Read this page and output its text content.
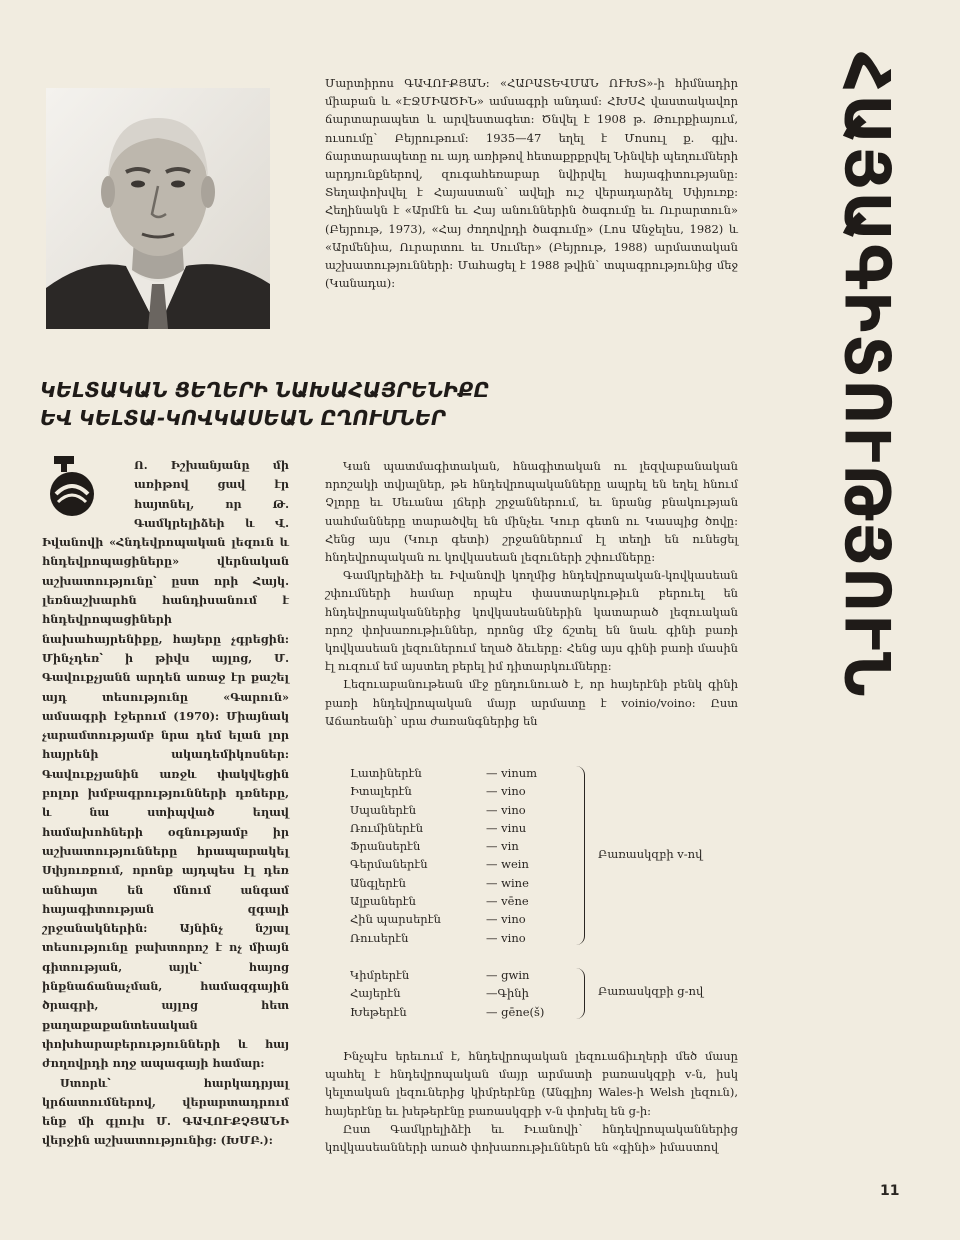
Մարտիրոս ԳԱՎՈՒՔՅԱՆ: «ՀԱՐԱՏԵՎՄԱՆ ՈՒԽՏ»-ի հիմնադիր միաբան և «ԷՋՄԻԱԾԻՆ» ամսագրի անդամ: ՀԽՍՀ վաստակավոր ճարտարապետ և արվեստագետ: Ծնվել է 1908 թ. Թուրքիայում, ուսումը՝ Բեյրութում: 1935—47 եղել է Մոսուլ ք. գլխ. ճարտարապետը ու այդ առիթով հետաքրքրվել Նինվեի պեղումների արդյունքներով, զուգահեռաբար նվիրվել հայագիտությանը: Տեղափոխվել է Հայաստան՝ ավելի ուշ վերադարձել Սփյուռք: Հեղինակն է «Արմէն եւ Հայ անուններին ծագումը եւ Ուրարտուն» (Բեյրութ, 1973), «Հայ ժողովրդի ծագումը» (Լոս Անջելես, 1982) և «Արմենիա, Ուրարտու եւ Սումեր» (Բեյրութ, 1988) արմատական աշխատությունների: Մահացել է 1988 թվին՝ տպագրությունից մեջ (Կանադա):	ՀԱՅԱԳԻՏՈՒԹՅՈՒՆ
ԿԵԼՏԱԿԱՆ ՑԵՂԵՐԻ ՆԱԽԱՀԱՅՐԵՆԻՔԸ
ԵՎ ԿԵԼՏԱ-ԿՈՎԿԱՍԵԱՆ ԸՂՈՒՄՆԵՐ

Ո. Իշխանյանը մի առիթով ցավ էր հայտնել, որ Թ. Գամկրելիձեի և Վ. Իվանովի «Հնդեվրոպական լեզուն և հնդեվրոպացիները» վերնական աշխատությունը՝ ըստ որի Հայկ. լեռնաշխարհն հանդիսանում է հնդեվրոպացիների նախահայրենիքը, հայերը չգրեցին: Մինչդեռ՝ ի թիվս այլոց, Մ. Գավուքչյանն արդեն առաջ էր քաշել այդ տեսությունը «Գարուն» ամսագրի էջերում (1970): Միայնակ չարամտությամբ նրա դեմ ելան լոր հայրենի ակադեմիկոսներ: Գավուքչյանին առջև փակվեցին բոլոր խմբագրությունների դռները, և նա ստիպված եղավ համախոհների օգնությամբ իր աշխատությունները հրապարակել Սփյուռքում, որոնք այդպես էլ դեռ անհայտ են մնում անգամ հայագիտության զգալի շրջանակներին: Այնինչ նշյալ տեսությունը բախտորոշ է ոչ միայն գիտության, այլև՝ հայոց ինքնաճանաչման, համազգային ծրագրի, այլոց հետ քաղաքաքանտեսական փոխհարաբերությունների և հայ ժողովրդի ողջ ապագայի համար:

Ստորև՝ հարկադրյալ կրճատումներով, վերարտադրում ենք մի գլուխ Մ. ԳԱՎՈՒՔՉՅԱՆԻ վերջին աշխատությունից: (ԽՄԲ.):

Կան պատմագիտական, հնագիտական ու լեզվաբանական որոշակի տվյալներ, թե հնդեվրոպականները ապրել են եղել հնում Չլորը եւ Սեւանա լճերի շրջաններում, եւ նրանց բնակության սահմանները տարածվել են մինչեւ Կուր գետն ու Կասպից ծովը: Հենց այս (Կուր գետի) շրջաններում էլ տեղի են ունեցել հնդեվրոպական ու կովկասեան լեզուների շփումները:

Գամկրելիձէի եւ Իվանովի կողմից հնդեվրոպական-կովկասեան շփումների համար որպէս փաստարկութիւն բերուել են հնդեվրոպականներից կովկասեաններին կատարած լեզուական որոշ փոխառութիւններ, որոնց մէջ ճշտել են նաև գինի բառի կովկասեան լեզուներում եղած ձեւերը: Հենց այս գինի բառի մասին էլ ուզում եմ այստեղ բերել իմ դիտարկումները:

Լեզուաբանութեան մէջ ընդունուած է, որ հայերէնի բենկ գինի բառի հնդեվրոպական մայր արմատը է voinio/voino: Ըստ Աճառեանի՝ սրա ժառանգներից են

Լատիներէն	— vinum
Իտալերէն	— vino
Սպաներէն	— vino
Ռումիներէն	— vinu
Ֆրանսերէն	— vin
Գերմաներէն	— wein
Անգլերէն	— wine
Ալբաներէն	— vēne
Հին պարսերէն	— vino
Ռուսերէն	— vino
Բառասկզբի v-ով
Կիմրերէն	— gwin
Հայերէն	—Գինի
Խեթերէն	— gēne(š)
Բառասկզբի g-ով

Ինչպէս երեւում է, հնդեվրոպական լեզուաճիւղերի մեծ մասը պահել է հնդեվրոպական մայր արմատի բառասկզբի v-ն, իսկ կելտական լեզուներից կիմրերէնը (Անգլիոյ Wales-ի Welsh լեզուն), հայերէնը եւ խեթերէնը բառասկզբի v-ն փոխել են g-ի:

Ըստ Գամկրելիձէի եւ Իւանովի՝ հնդեվրոպականներից կովկասեանների առած փոխառութիւններն են «գինի» իմաստով

11
